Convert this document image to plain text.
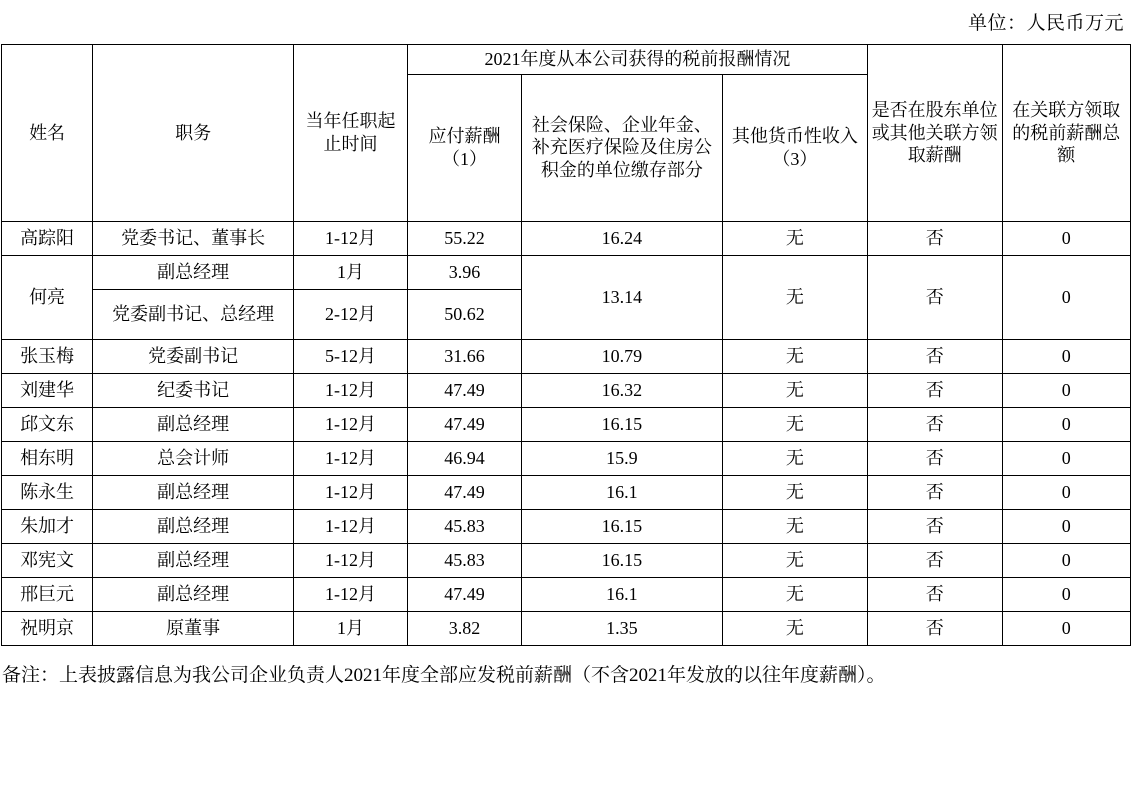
单位：人民币万元
姓名	职务	当年任职起止时间	2021年度从本公司获得的税前报酬情况			是否在股东单位或其他关联方领取薪酬	在关联方领取的税前薪酬总额
			应付薪酬（1）	社会保险、企业年金、补充医疗保险及住房公积金的单位缴存部分	其他货币性收入（3）		
高踪阳	党委书记、董事长	1-12月	55.22	16.24	无	否	0
何亮	副总经理	1月	3.96	13.14	无	否	0
	党委副书记、总经理	2-12月	50.62				
张玉梅	党委副书记	5-12月	31.66	10.79	无	否	0
刘建华	纪委书记	1-12月	47.49	16.32	无	否	0
邱文东	副总经理	1-12月	47.49	16.15	无	否	0
相东明	总会计师	1-12月	46.94	15.9	无	否	0
陈永生	副总经理	1-12月	47.49	16.1	无	否	0
朱加才	副总经理	1-12月	45.83	16.15	无	否	0
邓宪文	副总经理	1-12月	45.83	16.15	无	否	0
邢巨元	副总经理	1-12月	47.49	16.1	无	否	0
祝明京	原董事	1月	3.82	1.35	无	否	0
备注：上表披露信息为我公司企业负责人2021年度全部应发税前薪酬（不含2021年发放的以往年度薪酬）。
